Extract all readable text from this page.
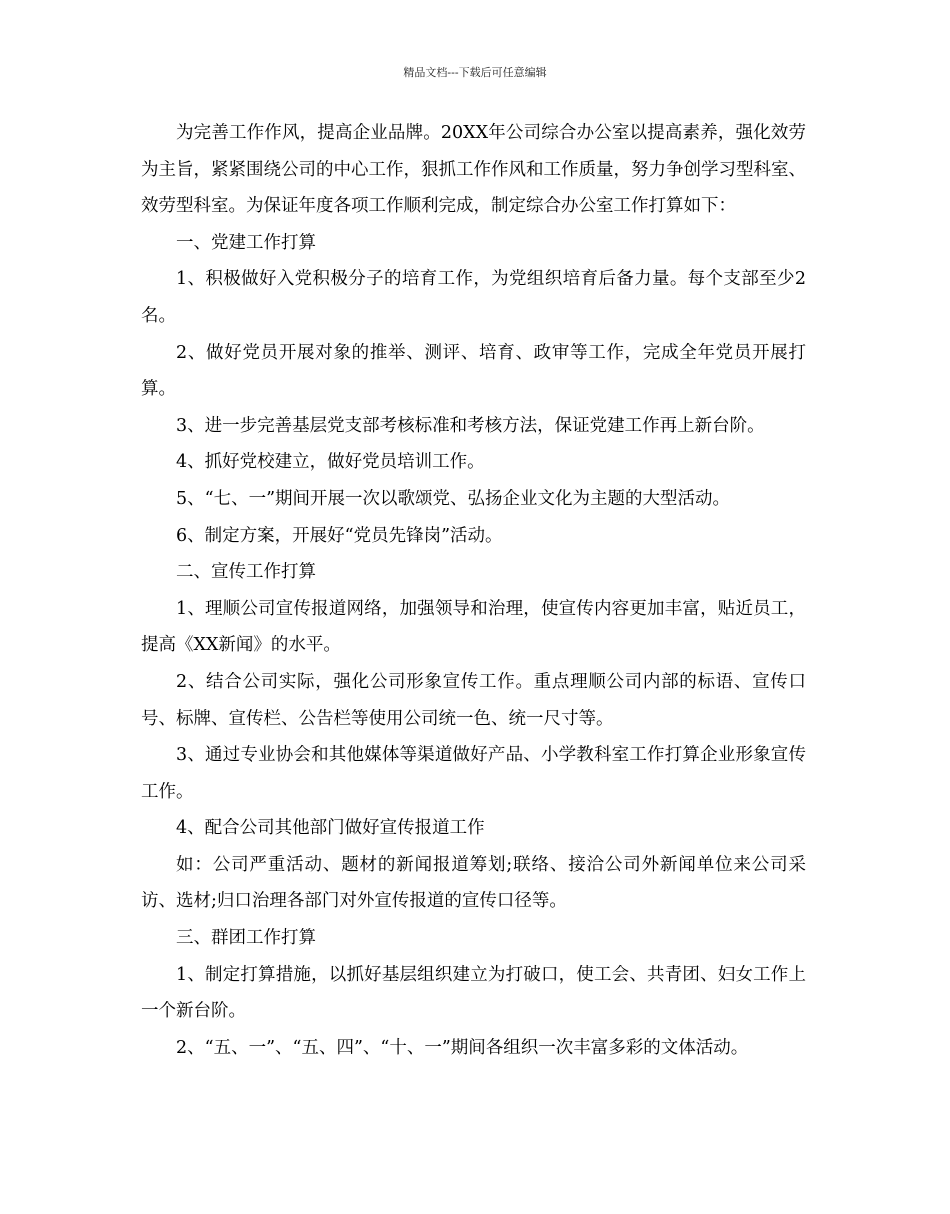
精品文档---下载后可任意编辑

为完善工作作风，提高企业品牌。20XX年公司综合办公室以提高素养，强化效劳为主旨，紧紧围绕公司的中心工作，狠抓工作作风和工作质量，努力争创学习型科室、效劳型科室。为保证年度各项工作顺利完成，制定综合办公室工作打算如下：

一、党建工作打算

1、积极做好入党积极分子的培育工作，为党组织培育后备力量。每个支部至少2名。

2、做好党员开展对象的推举、测评、培育、政审等工作，完成全年党员开展打算。

3、进一步完善基层党支部考核标准和考核方法，保证党建工作再上新台阶。

4、抓好党校建立，做好党员培训工作。

5、“七、一”期间开展一次以歌颂党、弘扬企业文化为主题的大型活动。

6、制定方案，开展好“党员先锋岗”活动。

二、宣传工作打算

1、理顺公司宣传报道网络，加强领导和治理，使宣传内容更加丰富，贴近员工，提高《XX新闻》的水平。

2、结合公司实际，强化公司形象宣传工作。重点理顺公司内部的标语、宣传口号、标牌、宣传栏、公告栏等使用公司统一色、统一尺寸等。

3、通过专业协会和其他媒体等渠道做好产品、小学教科室工作打算企业形象宣传工作。

4、配合公司其他部门做好宣传报道工作

如：公司严重活动、题材的新闻报道筹划;联络、接洽公司外新闻单位来公司采访、选材;归口治理各部门对外宣传报道的宣传口径等。

三、群团工作打算

1、制定打算措施，以抓好基层组织建立为打破口，使工会、共青团、妇女工作上一个新台阶。

2、“五、一”、“五、四”、“十、一”期间各组织一次丰富多彩的文体活动。
